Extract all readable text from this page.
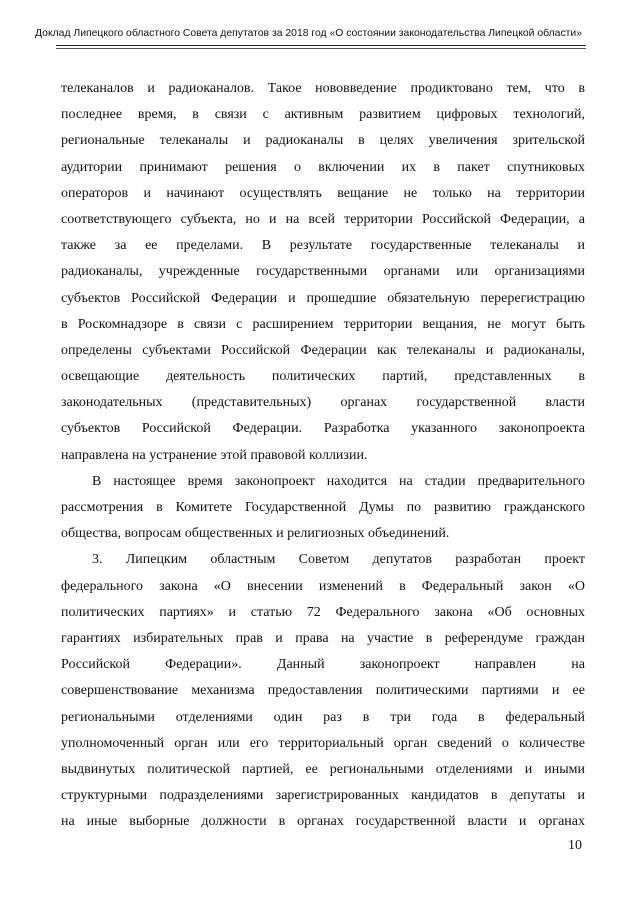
Доклад Липецкого областного Совета депутатов за 2018 год «О состоянии законодательства Липецкой области»
телеканалов и радиоканалов. Такое нововведение продиктовано тем, что в
последнее время, в связи с активным развитием цифровых технологий,
региональные телеканалы и радиоканалы в целях увеличения зрительской
аудитории принимают решения о включении их в пакет спутниковых
операторов и начинают осуществлять вещание не только на территории
соответствующего субъекта, но и на всей территории Российской Федерации, а
также за ее пределами. В результате государственные телеканалы и
радиоканалы, учрежденные государственными органами или организациями
субъектов Российской Федерации и прошедшие обязательную перерегистрацию
в Роскомнадзоре в связи с расширением территории вещания, не могут быть
определены субъектами Российской Федерации как телеканалы и радиоканалы,
освещающие деятельность политических партий, представленных в
законодательных (представительных) органах государственной власти
субъектов Российской Федерации. Разработка указанного законопроекта
направлена на устранение этой правовой коллизии.
В настоящее время законопроект находится на стадии предварительного
рассмотрения в Комитете Государственной Думы по развитию гражданского
общества, вопросам общественных и религиозных объединений.
3. Липецким областным Советом депутатов разработан проект
федерального закона «О внесении изменений в Федеральный закон «О
политических партиях» и статью 72 Федерального закона «Об основных
гарантиях избирательных прав и права на участие в референдуме граждан
Российской Федерации». Данный законопроект направлен на
совершенствование механизма предоставления политическими партиями и ее
региональными отделениями один раз в три года в федеральный
уполномоченный орган или его территориальный орган сведений о количестве
выдвинутых политической партией, ее региональными отделениями и иными
структурными подразделениями зарегистрированных кандидатов в депутаты и
на иные выборные должности в органах государственной власти и органах
10
